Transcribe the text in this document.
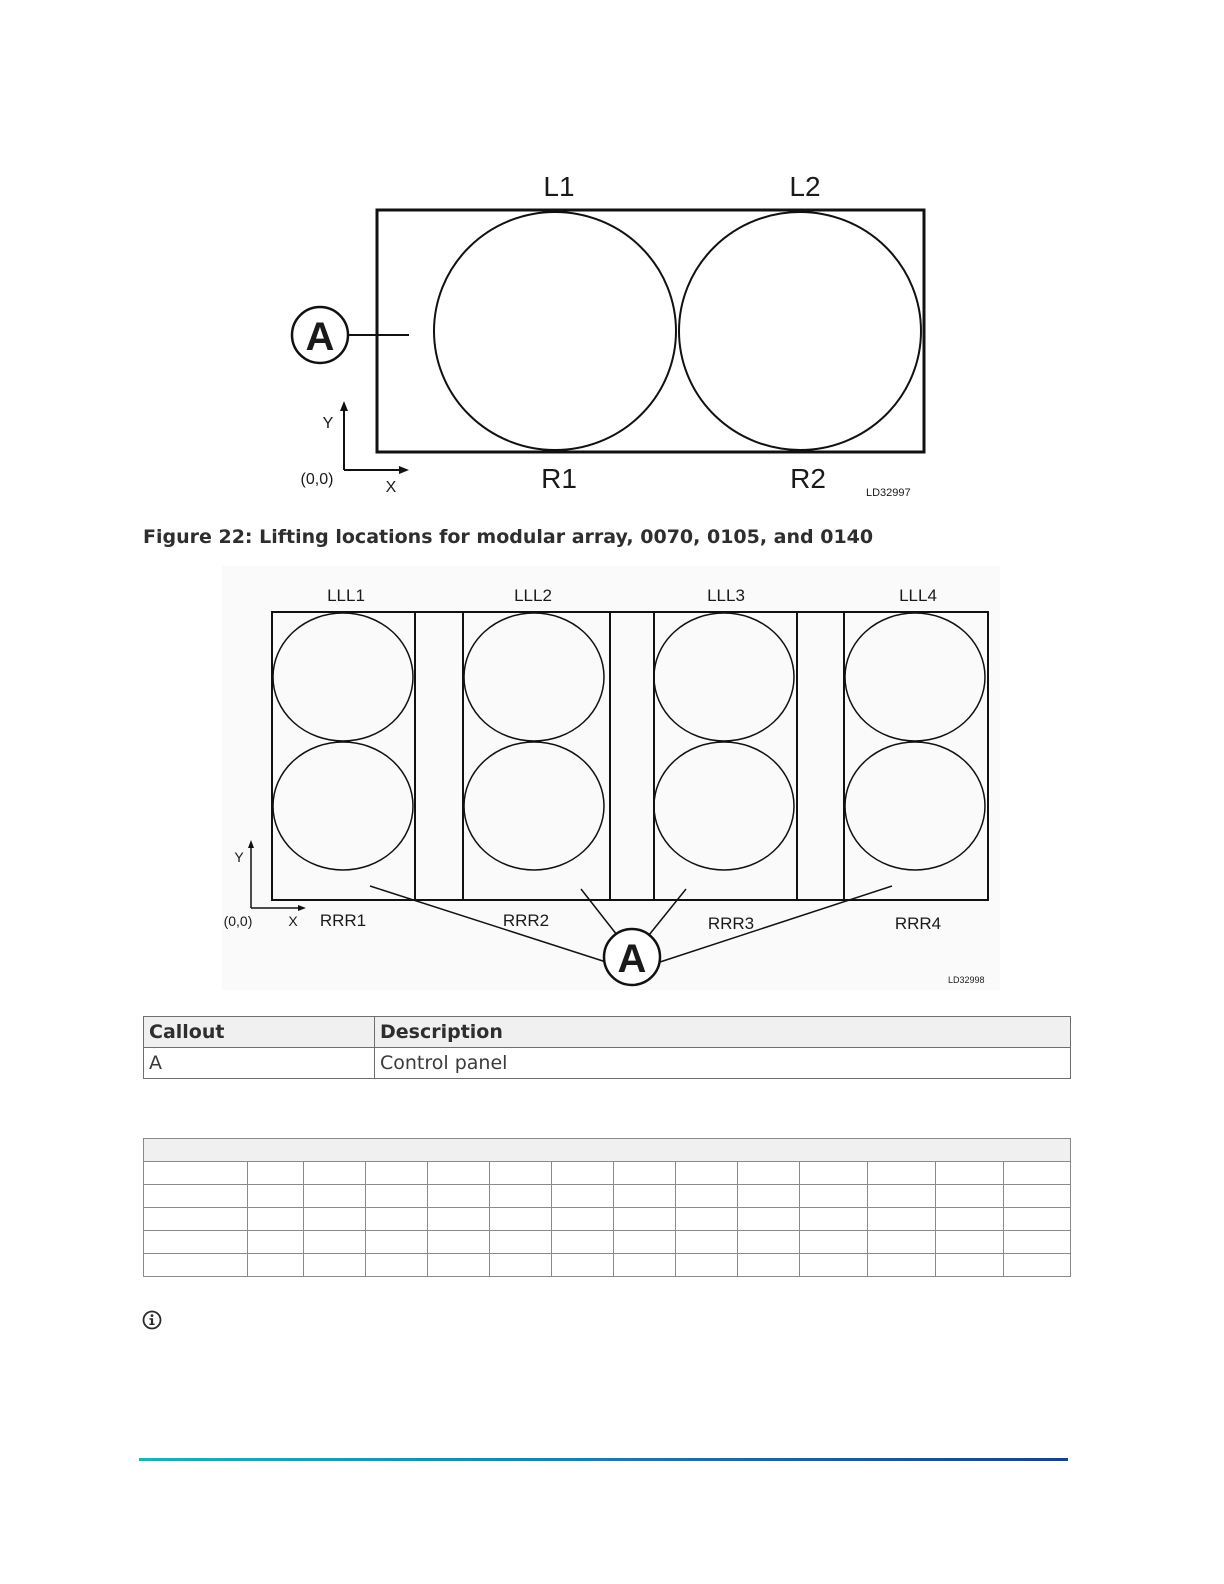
L1	L2
R1	R2
A
Y
X
(0,0)
LD32997
LLL1	LLL2	LLL3	LLL4
RRR1	RRR2	RRR3	RRR4
A
Y
X
(0,0)
LD32998
Figure 22: Lifting locations for modular array, 0070, 0105, and 0140
Callout	Description
A	Control panel
